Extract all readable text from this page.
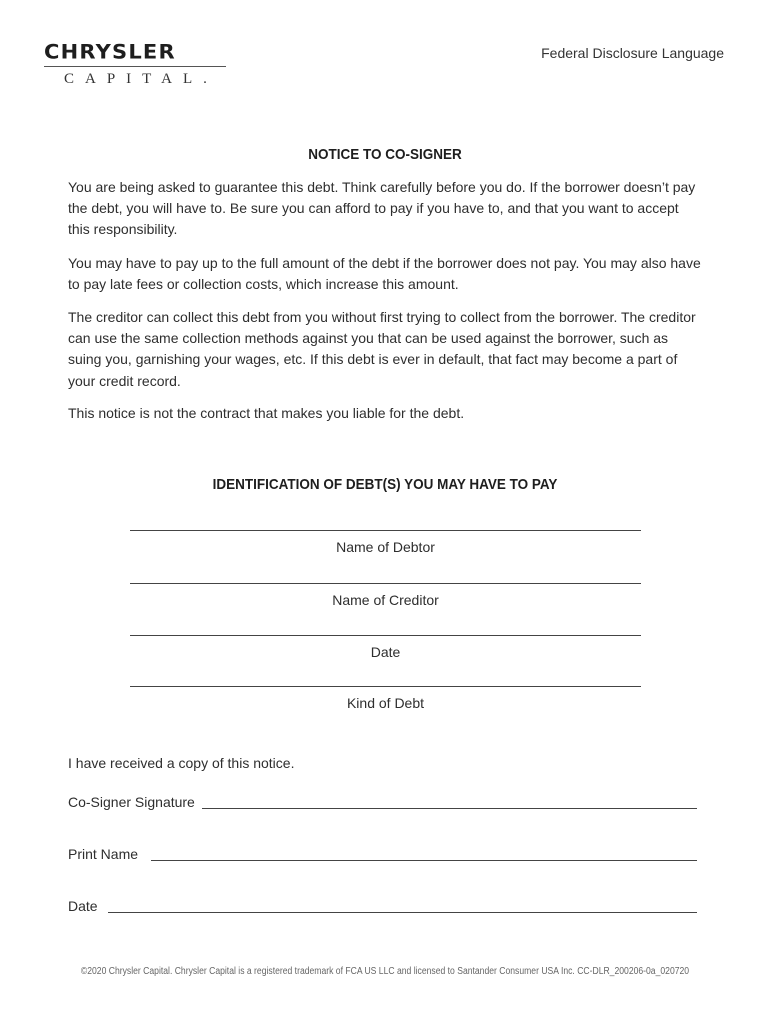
CHRYSLER
CAPITAL.
Federal Disclosure Language
NOTICE TO CO-SIGNER
You are being asked to guarantee this debt. Think carefully before you do. If the borrower doesn’t pay the debt, you will have to. Be sure you can afford to pay if you have to, and that you want to accept this responsibility.
You may have to pay up to the full amount of the debt if the borrower does not pay. You may also have to pay late fees or collection costs, which increase this amount.
The creditor can collect this debt from you without first trying to collect from the borrower. The creditor can use the same collection methods against you that can be used against the borrower, such as suing you, garnishing your wages, etc. If this debt is ever in default, that fact may become a part of your credit record.
This notice is not the contract that makes you liable for the debt.
IDENTIFICATION OF DEBT(S) YOU MAY HAVE TO PAY
Name of Debtor
Name of Creditor
Date
Kind of Debt
I have received a copy of this notice.
Co-Signer Signature
Print Name
Date
©2020 Chrysler Capital. Chrysler Capital is a registered trademark of FCA US LLC and licensed to Santander Consumer USA Inc. CC-DLR_200206-0a_020720
